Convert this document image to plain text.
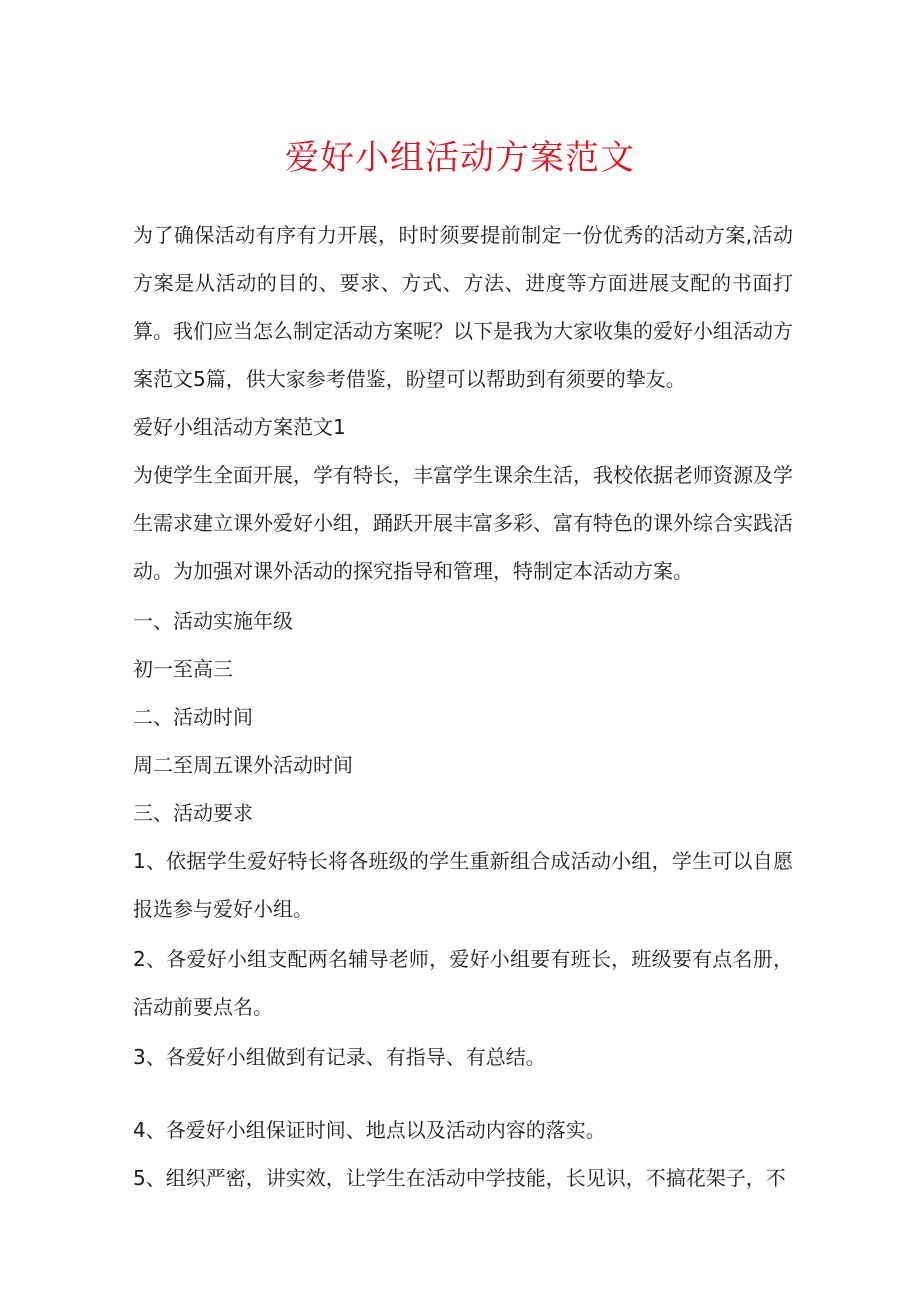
爱好小组活动方案范文
为了确保活动有序有力开展，时时须要提前制定一份优秀的活动方案,活动方案是从活动的目的、要求、方式、方法、进度等方面进展支配的书面打算。我们应当怎么制定活动方案呢？以下是我为大家收集的爱好小组活动方案范文5篇，供大家参考借鉴，盼望可以帮助到有须要的挚友。
爱好小组活动方案范文1
为使学生全面开展，学有特长，丰富学生课余生活，我校依据老师资源及学生需求建立课外爱好小组，踊跃开展丰富多彩、富有特色的课外综合实践活动。为加强对课外活动的探究指导和管理，特制定本活动方案。
一、活动实施年级
初一至高三
二、活动时间
周二至周五课外活动时间
三、活动要求
1、依据学生爱好特长将各班级的学生重新组合成活动小组，学生可以自愿报选参与爱好小组。
2、各爱好小组支配两名辅导老师，爱好小组要有班长，班级要有点名册，活动前要点名。
3、各爱好小组做到有记录、有指导、有总结。
4、各爱好小组保证时间、地点以及活动内容的落实。
5、组织严密，讲实效，让学生在活动中学技能，长见识，不搞花架子，不
